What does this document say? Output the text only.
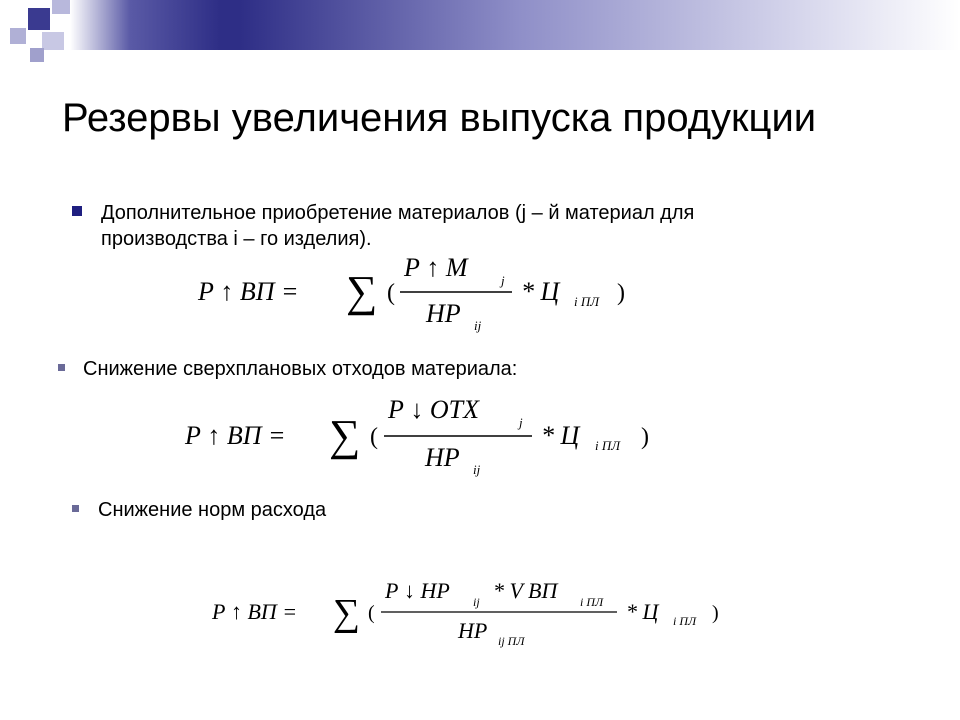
Резервы увеличения выпуска продукции
Дополнительное приобретение материалов (j – й материал для
производства i – го изделия).
Р ↑ ВП = ∑ (
Р ↑ М	j
НР ij
* Ц i ПЛ )
Снижение сверхплановых отходов материала:
Р ↑ ВП = ∑ (
Р ↓ ОТХ	j
НР ij
* Ц i ПЛ )
Снижение норм расхода
Р ↑ ВП = ∑ (
Р ↓ НР ij * V ВП i ПЛ
НР ij ПЛ
* Ц i ПЛ )
